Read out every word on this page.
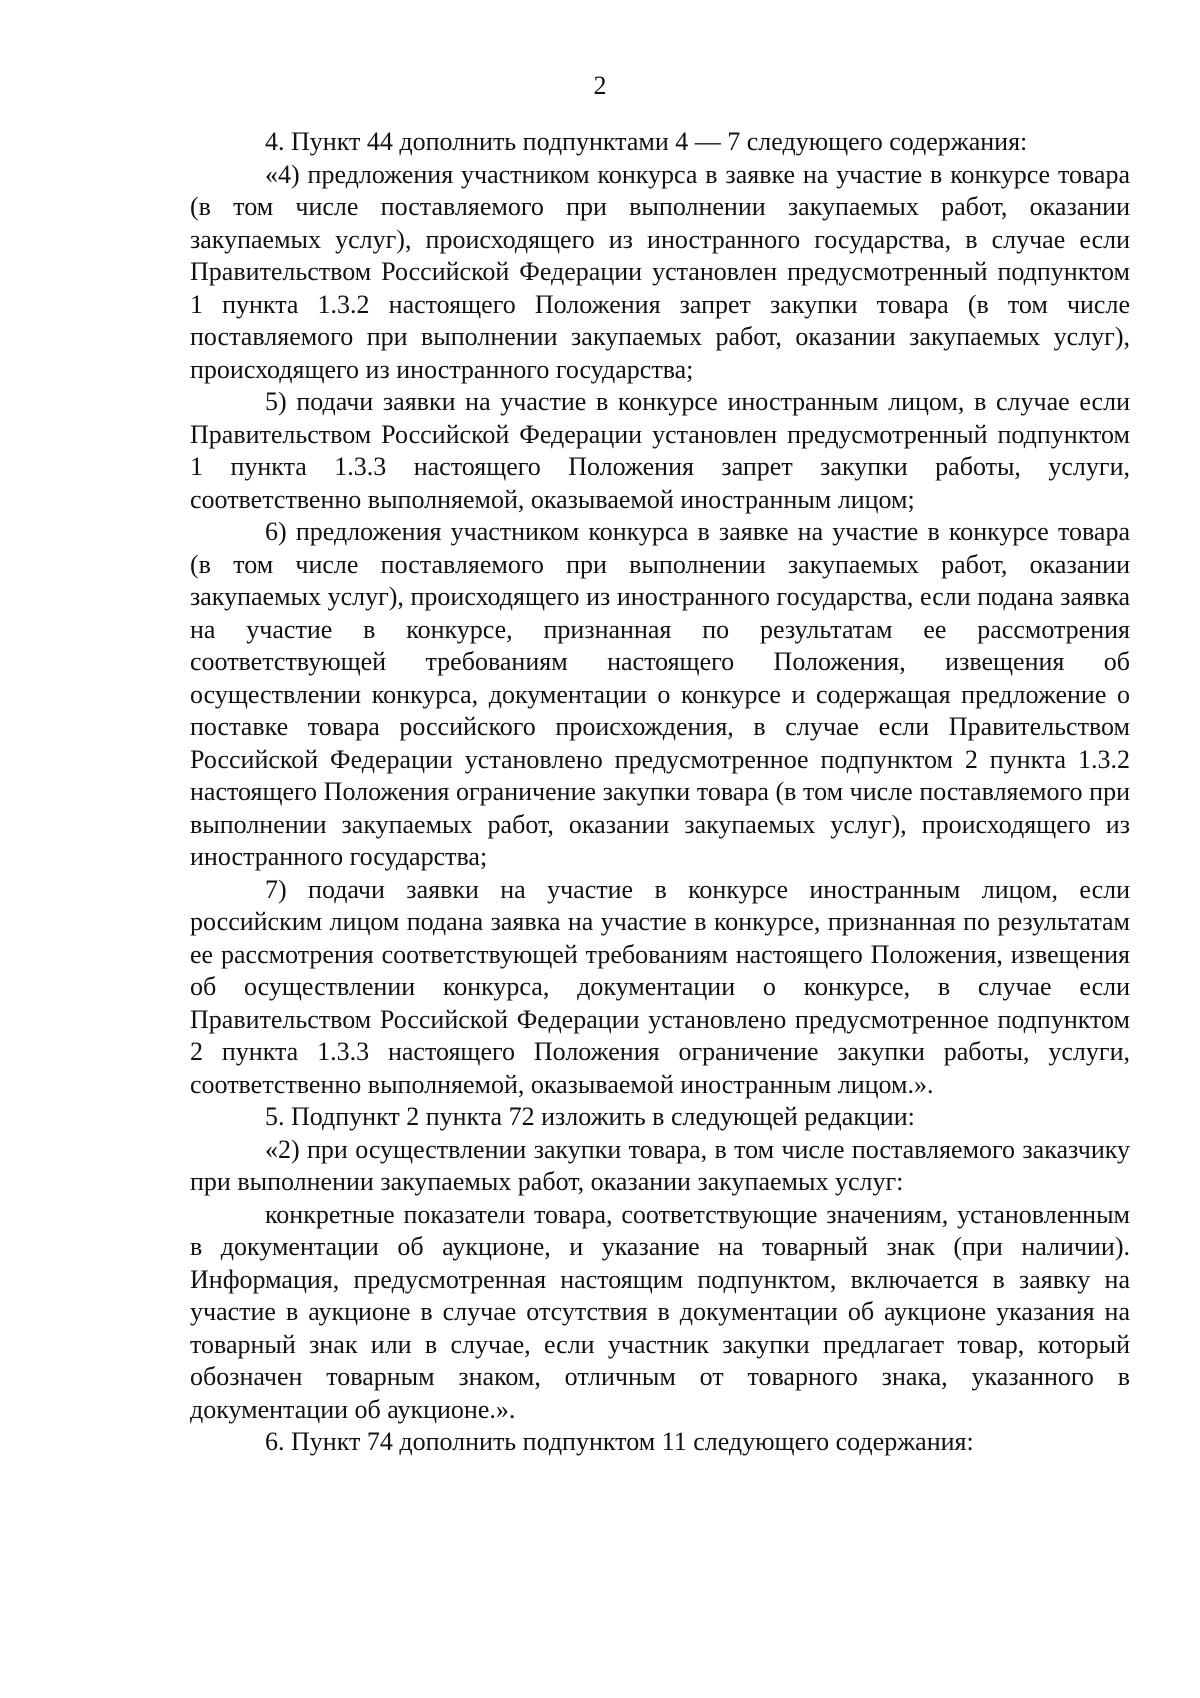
2

4. Пункт 44 дополнить подпунктами 4 — 7 следующего содержания:

«4) предложения участником конкурса в заявке на участие в конкурсе товара (в том числе поставляемого при выполнении закупаемых работ, оказании закупаемых услуг), происходящего из иностранного государства, в случае если Правительством Российской Федерации установлен предусмотренный подпунктом 1 пункта 1.3.2 настоящего Положения запрет закупки товара (в том числе поставляемого при выполнении закупаемых работ, оказании закупаемых услуг), происходящего из иностранного государства;

5) подачи заявки на участие в конкурсе иностранным лицом, в случае если Правительством Российской Федерации установлен предусмотренный подпунктом 1 пункта 1.3.3 настоящего Положения запрет закупки работы, услуги, соответственно выполняемой, оказываемой иностранным лицом;

6) предложения участником конкурса в заявке на участие в конкурсе товара (в том числе поставляемого при выполнении закупаемых работ, оказании закупаемых услуг), происходящего из иностранного государства, если подана заявка на участие в конкурсе, признанная по результатам ее рассмотрения соответствующей требованиям настоящего Положения, извещения об осуществлении конкурса, документации о конкурсе и содержащая предложение о поставке товара российского происхождения, в случае если Правительством Российской Федерации установлено предусмотренное подпунктом 2 пункта 1.3.2 настоящего Положения ограничение закупки товара (в том числе поставляемого при выполнении закупаемых работ, оказании закупаемых услуг), происходящего из иностранного государства;

7) подачи заявки на участие в конкурсе иностранным лицом, если российским лицом подана заявка на участие в конкурсе, признанная по результатам ее рассмотрения соответствующей требованиям настоящего Положения, извещения об осуществлении конкурса, документации о конкурсе, в случае если Правительством Российской Федерации установлено предусмотренное подпунктом 2 пункта 1.3.3 настоящего Положения ограничение закупки работы, услуги, соответственно выполняемой, оказываемой иностранным лицом.».

5. Подпункт 2 пункта 72 изложить в следующей редакции:

«2) при осуществлении закупки товара, в том числе поставляемого заказчику при выполнении закупаемых работ, оказании закупаемых услуг:

конкретные показатели товара, соответствующие значениям, установленным в документации об аукционе, и указание на товарный знак (при наличии). Информация, предусмотренная настоящим подпунктом, включается в заявку на участие в аукционе в случае отсутствия в документации об аукционе указания на товарный знак или в случае, если участник закупки предлагает товар, который обозначен товарным знаком, отличным от товарного знака, указанного в документации об аукционе.».

6. Пункт 74 дополнить подпунктом 11 следующего содержания:
